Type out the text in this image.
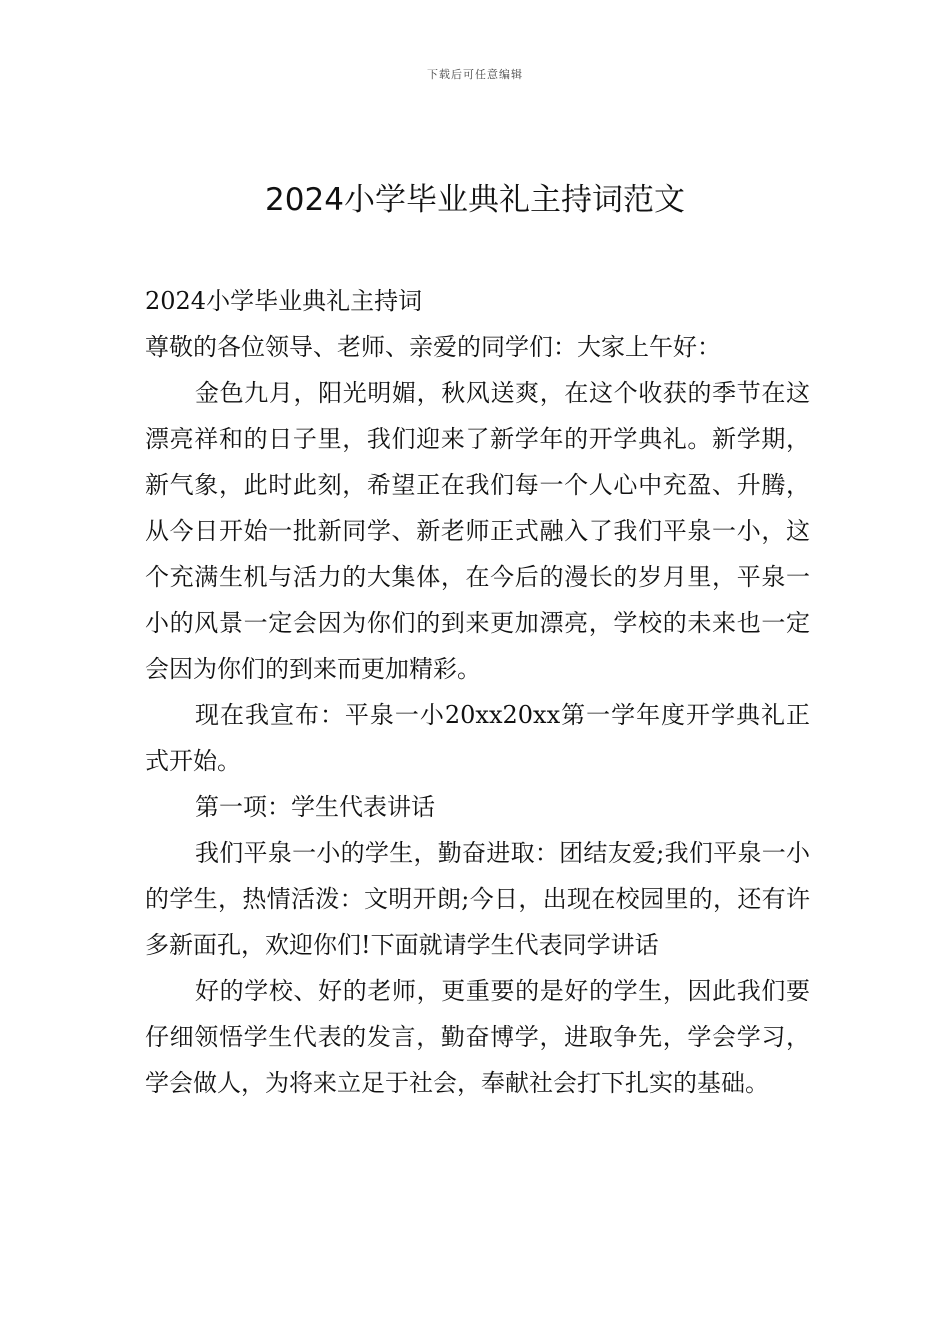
下载后可任意编辑
2024小学毕业典礼主持词范文

2024小学毕业典礼主持词

尊敬的各位领导、老师、亲爱的同学们：大家上午好：

金色九月，阳光明媚，秋风送爽，在这个收获的季节在这漂亮祥和的日子里，我们迎来了新学年的开学典礼。新学期，新气象，此时此刻，希望正在我们每一个人心中充盈、升腾，从今日开始一批新同学、新老师正式融入了我们平泉一小，这个充满生机与活力的大集体，在今后的漫长的岁月里，平泉一小的风景一定会因为你们的到来更加漂亮，学校的未来也一定会因为你们的到来而更加精彩。

现在我宣布：平泉一小20xx20xx第一学年度开学典礼正式开始。

第一项：学生代表讲话

我们平泉一小的学生，勤奋进取：团结友爱;我们平泉一小的学生，热情活泼：文明开朗;今日，出现在校园里的，还有许多新面孔，欢迎你们!下面就请学生代表同学讲话

好的学校、好的老师，更重要的是好的学生，因此我们要仔细领悟学生代表的发言，勤奋博学，进取争先，学会学习，学会做人，为将来立足于社会，奉献社会打下扎实的基础。
